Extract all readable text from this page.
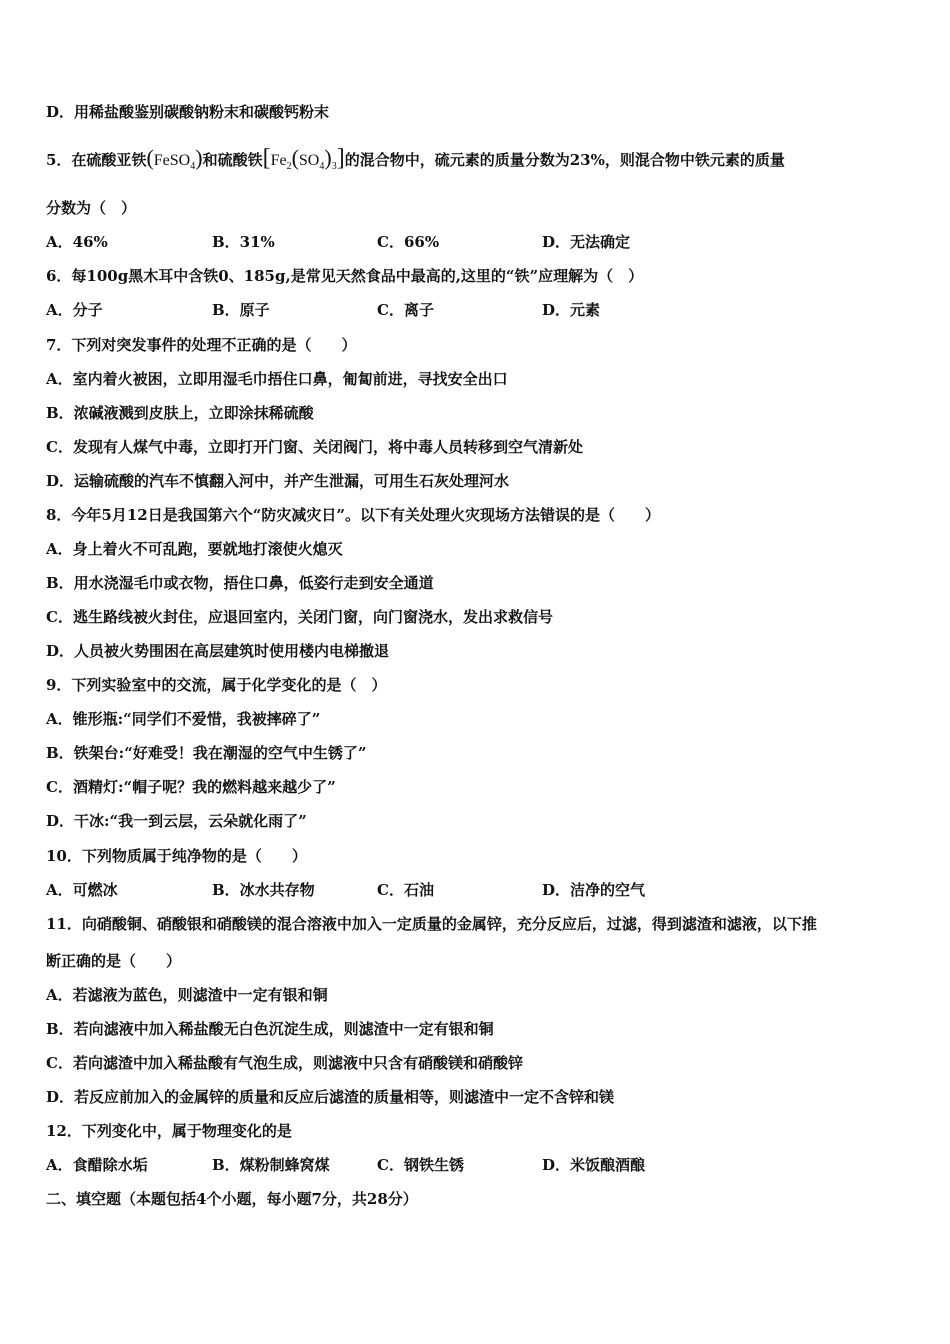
D．用稀盐酸鉴别碳酸钠粉末和碳酸钙粉末
5．在硫酸亚铁(FeSO$_4$)和硫酸铁$[Fe_2(SO_4)_3]$的混合物中，硫元素的质量分数为23%，则混合物中铁元素的质量
分数为（　）
A．46%	B．31%	C．66%	D．无法确定
6．每100g黑木耳中含铁0、185g,是常见天然食品中最高的,这里的“铁”应理解为（　）
A．分子	B．原子	C．离子	D．元素
7．下列对突发事件的处理不正确的是（　　）
A．室内着火被困，立即用湿毛巾捂住口鼻，匍匐前进，寻找安全出口
B．浓碱液溅到皮肤上，立即涂抹稀硫酸
C．发现有人煤气中毒，立即打开门窗、关闭阀门，将中毒人员转移到空气清新处
D．运输硫酸的汽车不慎翻入河中，并产生泄漏，可用生石灰处理河水
8．今年5月12日是我国第六个“防灾减灾日”。以下有关处理火灾现场方法错误的是（　　）
A．身上着火不可乱跑，要就地打滚使火熄灭
B．用水浇湿毛巾或衣物，捂住口鼻，低姿行走到安全通道
C．逃生路线被火封住，应退回室内，关闭门窗，向门窗浇水，发出求救信号
D．人员被火势围困在高层建筑时使用楼内电梯撤退
9．下列实验室中的交流，属于化学变化的是（　）
A．锥形瓶:“同学们不爱惜，我被摔碎了”
B．铁架台:“好难受！我在潮湿的空气中生锈了”
C．酒精灯:“帽子呢？我的燃料越来越少了”
D．干冰:“我一到云层，云朵就化雨了”
10．下列物质属于纯净物的是（　　）
A．可燃冰	B．冰水共存物	C．石油	D．洁净的空气
11．向硝酸铜、硝酸银和硝酸镁的混合溶液中加入一定质量的金属锌，充分反应后，过滤，得到滤渣和滤液，以下推
断正确的是（　　）
A．若滤液为蓝色，则滤渣中一定有银和铜
B．若向滤液中加入稀盐酸无白色沉淀生成，则滤渣中一定有银和铜
C．若向滤渣中加入稀盐酸有气泡生成，则滤液中只含有硝酸镁和硝酸锌
D．若反应前加入的金属锌的质量和反应后滤渣的质量相等，则滤渣中一定不含锌和镁
12．下列变化中，属于物理变化的是
A．食醋除水垢	B．煤粉制蜂窝煤	C．钢铁生锈	D．米饭酿酒酿
二、填空题（本题包括4个小题，每小题7分，共28分）
